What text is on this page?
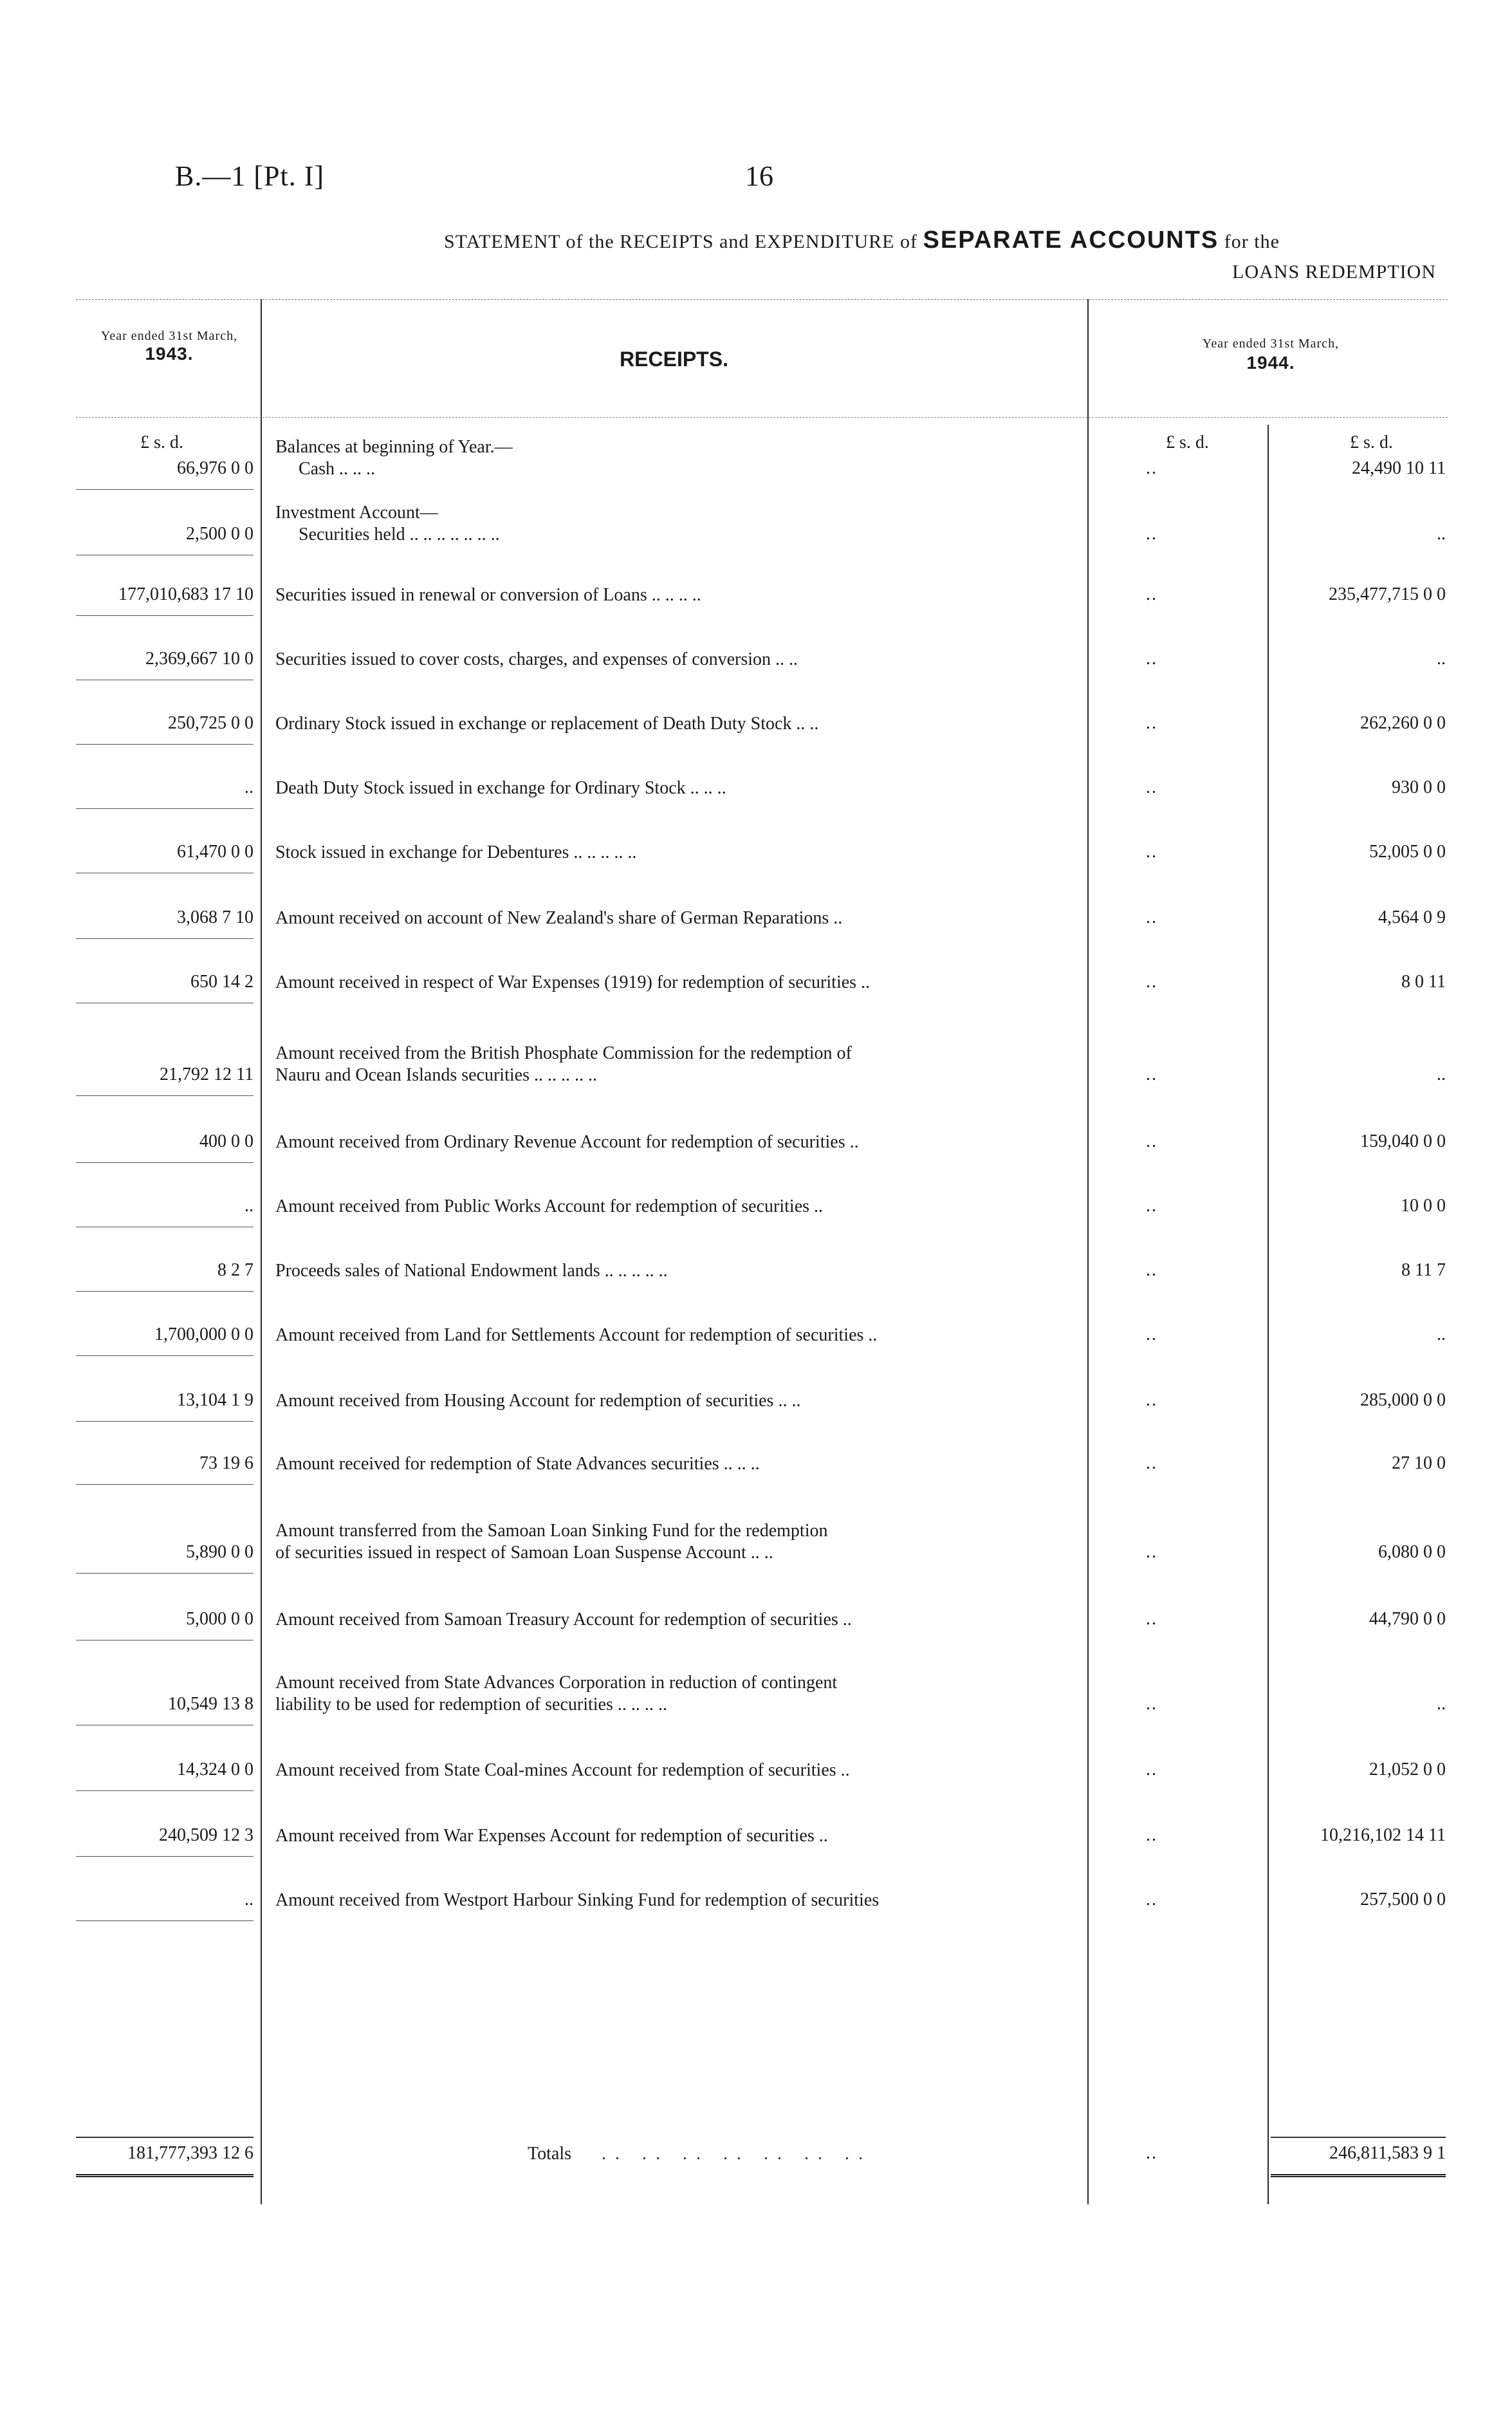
B.—1 [Pt. I]	16
STATEMENT of the RECEIPTS and EXPENDITURE of SEPARATE ACCOUNTS for the
LOANS REDEMPTION
Year ended 31st March,
1943.	RECEIPTS.
Year ended 31st March,
1944.
£ s. d.	£ s. d.	£ s. d.
66,976 0 0
Balances at beginning of Year.—
Cash .. .. ..	..	24,490 10 11
2,500 0 0
Investment Account—
Securities held .. .. .. .. .. .. ..	..	..
177,010,683 17 10 Securities issued in renewal or conversion of Loans .. .. .. ..	..	235,477,715 0 0
2,369,667 10 0 Securities issued to cover costs, charges, and expenses of conversion .. ..	..	..
250,725 0 0 Ordinary Stock issued in exchange or replacement of Death Duty Stock .. ..	..	262,260 0 0
.. Death Duty Stock issued in exchange for Ordinary Stock .. .. ..	..	930 0 0
61,470 0 0 Stock issued in exchange for Debentures .. .. .. .. ..	..	52,005 0 0
3,068 7 10 Amount received on account of New Zealand's share of German Reparations ..	..	4,564 0 9
650 14 2 Amount received in respect of War Expenses (1919) for redemption of securities ..	..	8 0 11
21,792 12 11
Amount received from the British Phosphate Commission for the redemption of
Nauru and Ocean Islands securities .. .. .. .. ..	..	..
400 0 0 Amount received from Ordinary Revenue Account for redemption of securities ..	..	159,040 0 0
.. Amount received from Public Works Account for redemption of securities ..	..	10 0 0
8 2 7 Proceeds sales of National Endowment lands .. .. .. .. ..	..	8 11 7
1,700,000 0 0 Amount received from Land for Settlements Account for redemption of securities ..	..	..
13,104 1 9 Amount received from Housing Account for redemption of securities .. ..	..	285,000 0 0
73 19 6 Amount received for redemption of State Advances securities .. .. ..	..	27 10 0
5,890 0 0
Amount transferred from the Samoan Loan Sinking Fund for the redemption
of securities issued in respect of Samoan Loan Suspense Account .. ..	..	6,080 0 0
5,000 0 0 Amount received from Samoan Treasury Account for redemption of securities ..	..	44,790 0 0
10,549 13 8
Amount received from State Advances Corporation in reduction of contingent
liability to be used for redemption of securities .. .. .. ..	..	..
14,324 0 0 Amount received from State Coal-mines Account for redemption of securities ..	..	21,052 0 0
240,509 12 3 Amount received from War Expenses Account for redemption of securities ..	..	10,216,102 14 11
.. Amount received from Westport Harbour Sinking Fund for redemption of securities	..	257,500 0 0
181,777,393 12 6	Totals .. .. .. .. .. .. ..	..	246,811,583 9 1
